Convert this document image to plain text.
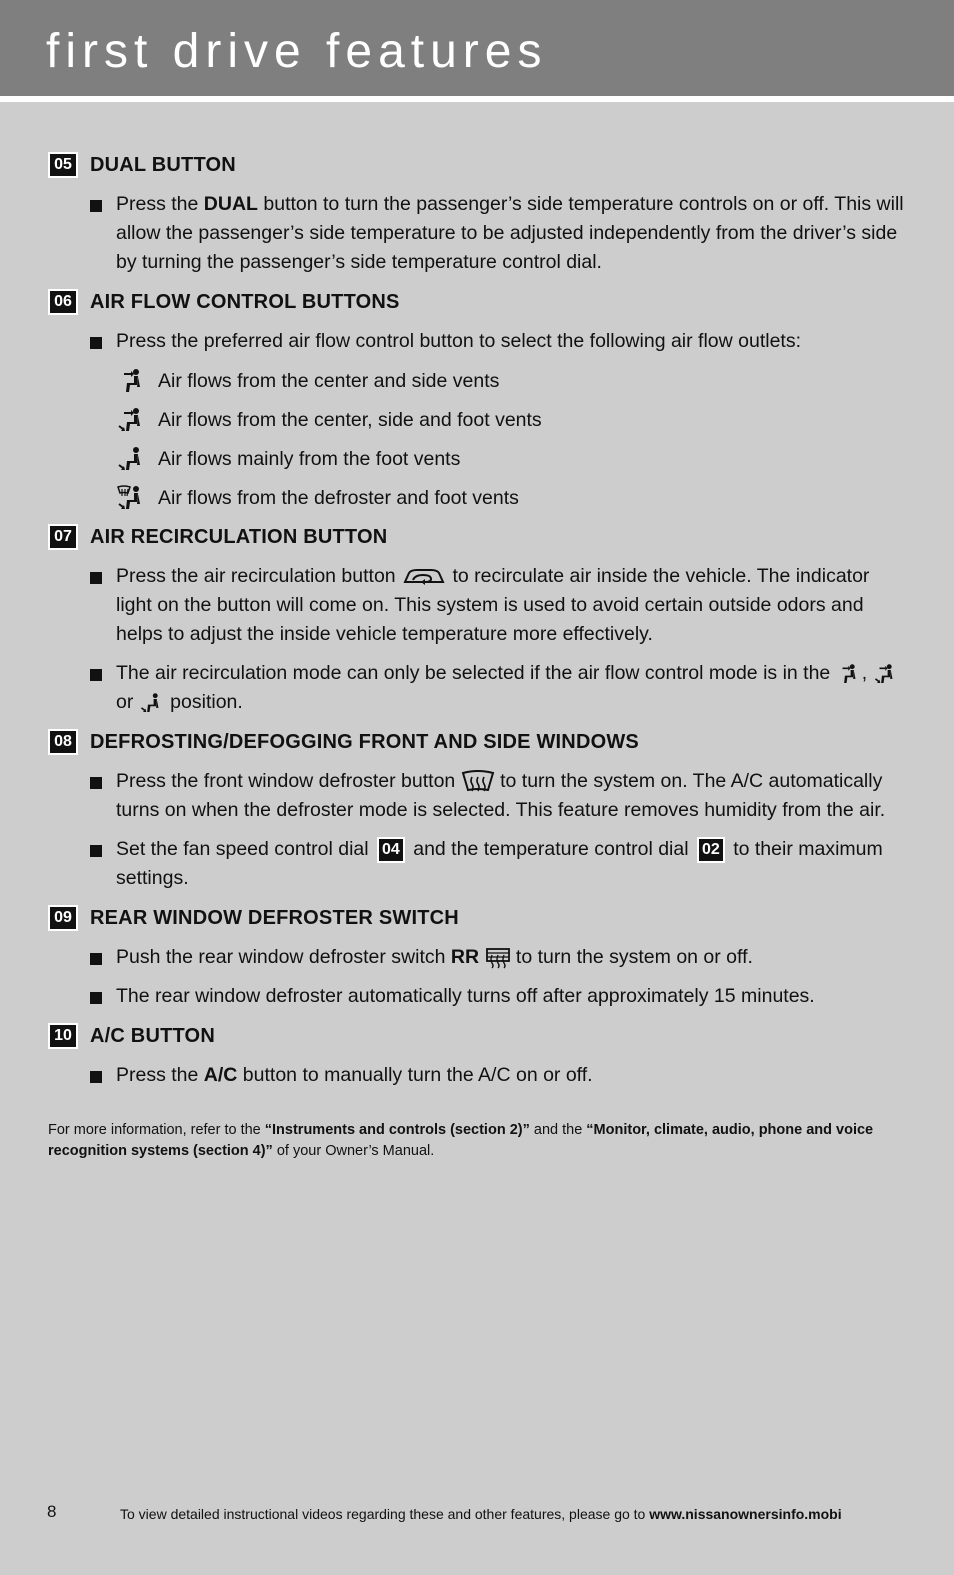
first drive features
05 DUAL BUTTON
Press the DUAL button to turn the passenger’s side temperature controls on or off. This will allow the passenger’s side temperature to be adjusted independently from the driver’s side by turning the passenger’s side temperature control dial.
06 AIR FLOW CONTROL BUTTONS
Press the preferred air flow control button to select the following air flow outlets:
Air flows from the center and side vents
Air flows from the center, side and foot vents
Air flows mainly from the foot vents
Air flows from the defroster and foot vents
07 AIR RECIRCULATION BUTTON
Press the air recirculation button  to recirculate air inside the vehicle. The indicator light on the button will come on. This system is used to avoid certain outside odors and helps to adjust the inside vehicle temperature more effectively.
The air recirculation mode can only be selected if the air flow control mode is in the ,
or  position.
08 DEFROSTING/DEFOGGING FRONT AND SIDE WINDOWS
Press the front window defroster button  to turn the system on. The A/C automatically turns on when the defroster mode is selected. This feature removes humidity from the air.
Set the fan speed control dial 04 and the temperature control dial 02 to their maximum settings.
09 REAR WINDOW DEFROSTER SWITCH
Push the rear window defroster switch RR  to turn the system on or off.
The rear window defroster automatically turns off after approximately 15 minutes.
10 A/C BUTTON
Press the A/C button to manually turn the A/C on or off.
For more information, refer to the “Instruments and controls (section 2)” and the “Monitor, climate, audio, phone and voice recognition systems (section 4)” of your Owner’s Manual.
8	To view detailed instructional videos regarding these and other features, please go to www.nissanownersinfo.mobi
